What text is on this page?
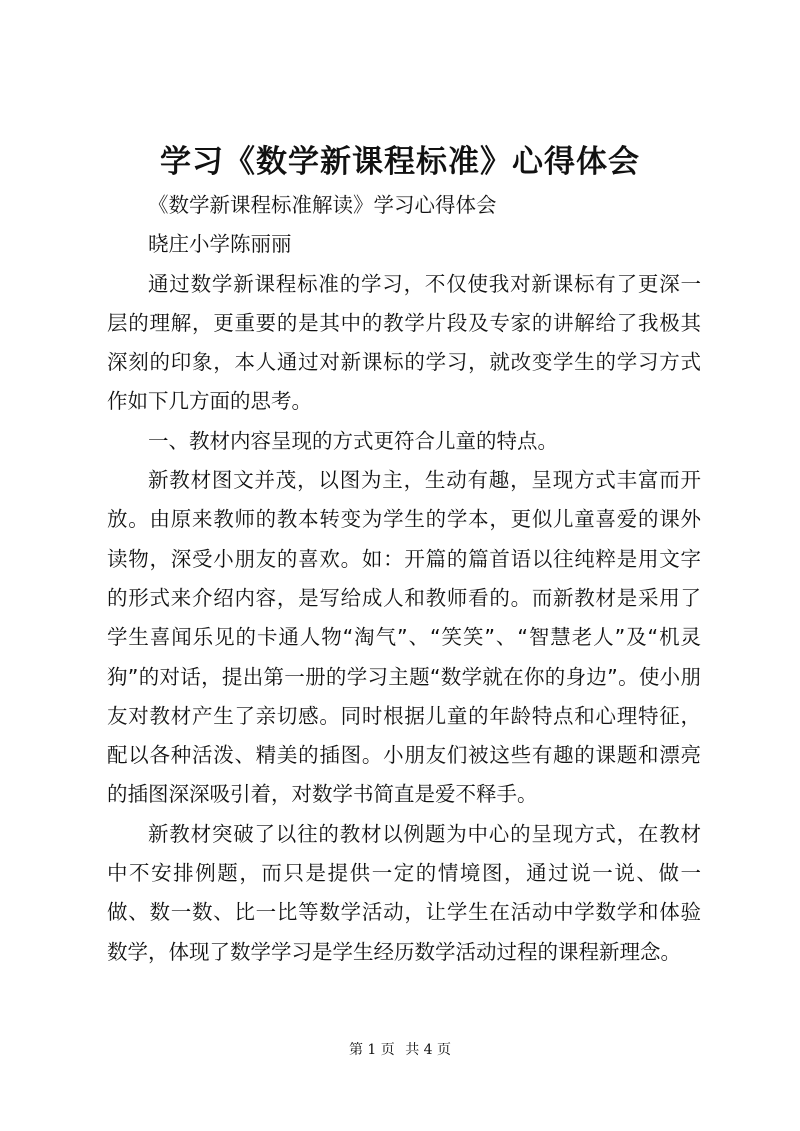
学习《数学新课程标准》心得体会

《数学新课程标准解读》学习心得体会

晓庄小学陈丽丽

通过数学新课程标准的学习，不仅使我对新课标有了更深一层的理解，更重要的是其中的教学片段及专家的讲解给了我极其深刻的印象，本人通过对新课标的学习，就改变学生的学习方式作如下几方面的思考。

一、教材内容呈现的方式更符合儿童的特点。

新教材图文并茂，以图为主，生动有趣，呈现方式丰富而开放。由原来教师的教本转变为学生的学本，更似儿童喜爱的课外读物，深受小朋友的喜欢。如：开篇的篇首语以往纯粹是用文字的形式来介绍内容，是写给成人和教师看的。而新教材是采用了学生喜闻乐见的卡通人物“淘气”、“笑笑”、“智慧老人”及“机灵狗”的对话，提出第一册的学习主题“数学就在你的身边”。使小朋友对教材产生了亲切感。同时根据儿童的年龄特点和心理特征，配以各种活泼、精美的插图。小朋友们被这些有趣的课题和漂亮的插图深深吸引着，对数学书简直是爱不释手。

新教材突破了以往的教材以例题为中心的呈现方式，在教材中不安排例题，而只是提供一定的情境图，通过说一说、做一做、数一数、比一比等数学活动，让学生在活动中学数学和体验数学，体现了数学学习是学生经历数学活动过程的课程新理念。

第 1 页 共 4 页
